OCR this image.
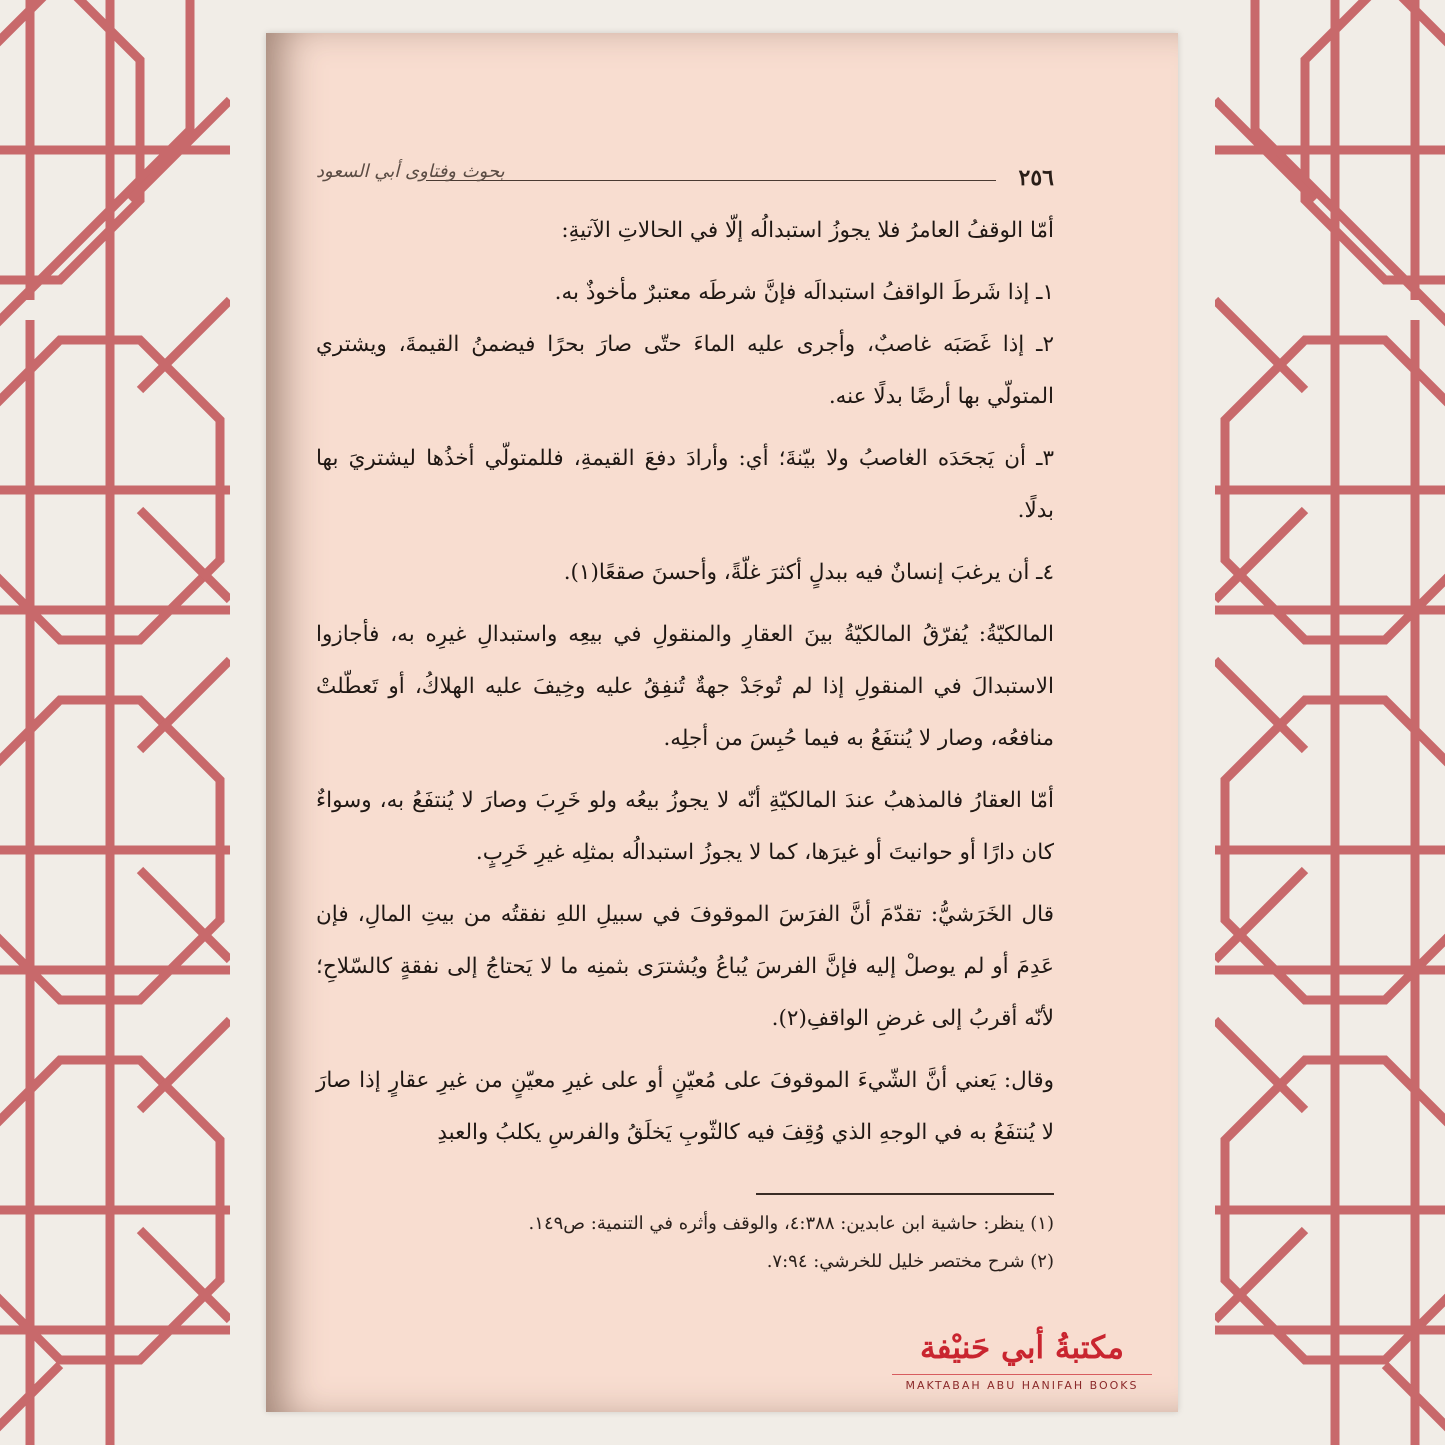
٢٥٦
بحوث وفتاوى أبي السعود

أمّا الوقفُ العامرُ فلا يجوزُ استبدالُه إلّا في الحالاتِ الآتيةِ:

١ـ إذا شَرطَ الواقفُ استبدالَه فإنَّ شرطَه معتبرٌ مأخوذٌ به.

٢ـ إذا غَصَبَه غاصبٌ، وأجرى عليه الماءَ حتّى صارَ بحرًا فيضمنُ القيمةَ، ويشتري المتولّي بها أرضًا بدلًا عنه.

٣ـ أن يَجحَدَه الغاصبُ ولا بيّنةَ؛ أي: وأرادَ دفعَ القيمةِ، فللمتولّي أخذُها ليشتريَ بها بدلًا.

٤ـ أن يرغبَ إنسانٌ فيه ببدلٍ أكثرَ غلّةً، وأحسنَ صقعًا(١).

المالكيّةُ: يُفرّقُ المالكيّةُ بينَ العقارِ والمنقولِ في بيعِه واستبدالِ غيرِه به، فأجازوا الاستبدالَ في المنقولِ إذا لم تُوجَدْ جهةٌ تُنفِقُ عليه وخِيفَ عليه الهلاكُ، أو تَعطّلتْ منافعُه، وصار لا يُنتفَعُ به فيما حُبِسَ من أجلِه.

أمّا العقارُ فالمذهبُ عندَ المالكيّةِ أنّه لا يجوزُ بيعُه ولو خَرِبَ وصارَ لا يُنتفَعُ به، وسواءٌ كان دارًا أو حوانيتَ أو غيرَها، كما لا يجوزُ استبدالُه بمثلِه غيرِ خَرِبٍ.

قال الخَرَشيُّ: تقدّمَ أنَّ الفرَسَ الموقوفَ في سبيلِ اللهِ نفقتُه من بيتِ المالِ، فإن عَدِمَ أو لم يوصلْ إليه فإنَّ الفرسَ يُباعُ ويُشترَى بثمنِه ما لا يَحتاجُ إلى نفقةٍ كالسّلاحِ؛ لأنّه أقربُ إلى غرضِ الواقفِ(٢).

وقال: يَعني أنَّ الشّيءَ الموقوفَ على مُعيّنٍ أو على غيرِ معيّنٍ من غيرِ عقارٍ إذا صارَ لا يُنتفَعُ به في الوجهِ الذي وُقِفَ فيه كالثّوبِ يَخلَقُ والفرسِ يكلبُ والعبدِ

(١) ينظر: حاشية ابن عابدين: ٤:٣٨٨، والوقف وأثره في التنمية: ص١٤٩.

(٢) شرح مختصر خليل للخرشي: ٧:٩٤.

مكتبةُ أبي حَنيْفة
MAKTABAH ABU HANIFAH BOOKS
